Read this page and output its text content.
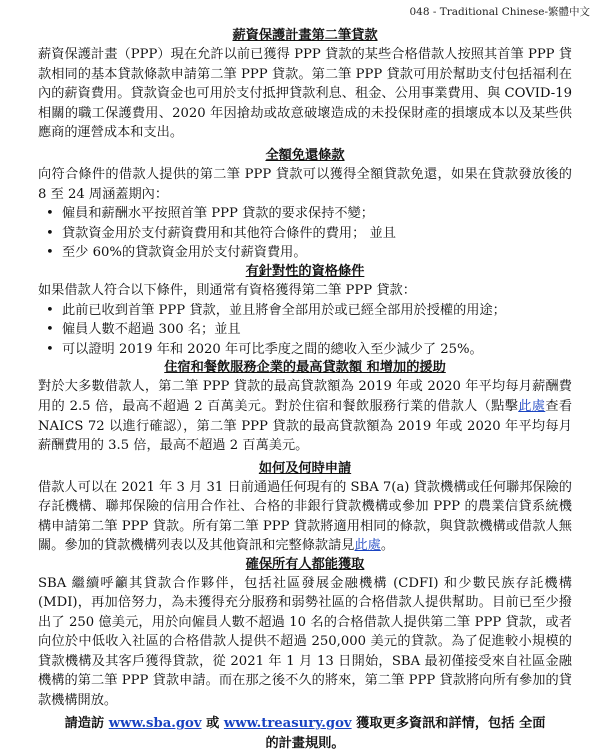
048 - Traditional Chinese-繁體中文
薪資保護計畫第二筆貸款

薪資保護計畫（PPP）現在允許以前已獲得 PPP 貸款的某些合格借款人按照其首筆 PPP 貸款相同的基本貸款條款申請第二筆 PPP 貸款。第二筆 PPP 貸款可用於幫助支付包括福利在內的薪資費用。貸款資金也可用於支付抵押貸款利息、租金、公用事業費用、與 COVID-19 相關的職工保護費用、2020 年因搶劫或故意破壞造成的未投保財產的損壞成本以及某些供應商的運營成本和支出。

全額免還條款

向符合條件的借款人提供的第二筆 PPP 貸款可以獲得全額貸款免還，如果在貸款發放後的 8 至 24 周涵蓋期內：

• 僱員和薪酬水平按照首筆 PPP 貸款的要求保持不變；
• 貸款資金用於支付薪資費用和其他符合條件的費用； 並且
• 至少 60%的貸款資金用於支付薪資費用。
有針對性的資格條件

如果借款人符合以下條件，則通常有資格獲得第二筆 PPP 貸款：

• 此前已收到首筆 PPP 貸款，並且將會全部用於或已經全部用於授權的用途；
• 僱員人數不超過 300 名；並且
• 可以證明 2019 年和 2020 年可比季度之間的總收入至少減少了 25%。
住宿和餐飲服務企業的最高貸款額 和增加的援助

對於大多數借款人，第二筆 PPP 貸款的最高貸款額為 2019 年或 2020 年平均每月薪酬費用的 2.5 倍，最高不超過 2 百萬美元。對於住宿和餐飲服務行業的借款人（點擊此處查看 NAICS 72 以進行確認），第二筆 PPP 貸款的最高貸款額為 2019 年或 2020 年平均每月薪酬費用的 3.5 倍，最高不超過 2 百萬美元。

如何及何時申請

借款人可以在 2021 年 3 月 31 日前通過任何現有的 SBA 7(a) 貸款機構或任何聯邦保險的存託機構、聯邦保險的信用合作社、合格的非銀行貸款機構或參加 PPP 的農業信貸系統機構申請第二筆 PPP 貸款。所有第二筆 PPP 貸款將適用相同的條款，與貸款機構或借款人無關。參加的貸款機構列表以及其他資訊和完整條款請見此處。

確保所有人都能獲取

SBA 繼續呼籲其貸款合作夥伴，包括社區發展金融機構 (CDFI) 和少數民族存託機構 (MDI)，再加倍努力，為未獲得充分服務和弱勢社區的合格借款人提供幫助。目前已至少撥出了 250 億美元，用於向僱員人數不超過 10 名的合格借款人提供第二筆 PPP 貸款，或者向位於中低收入社區的合格借款人提供不超過 250,000 美元的貸款。為了促進較小規模的貸款機構及其客戶獲得貸款，從 2021 年 1 月 13 日開始，SBA 最初僅接受來自社區金融機構的第二筆 PPP 貸款申請。而在那之後不久的將來，第二筆 PPP 貸款將向所有參加的貸款機構開放。

請造訪 www.sba.gov 或 www.treasury.gov 獲取更多資訊和詳情，包括 全面
的計畫規則。
